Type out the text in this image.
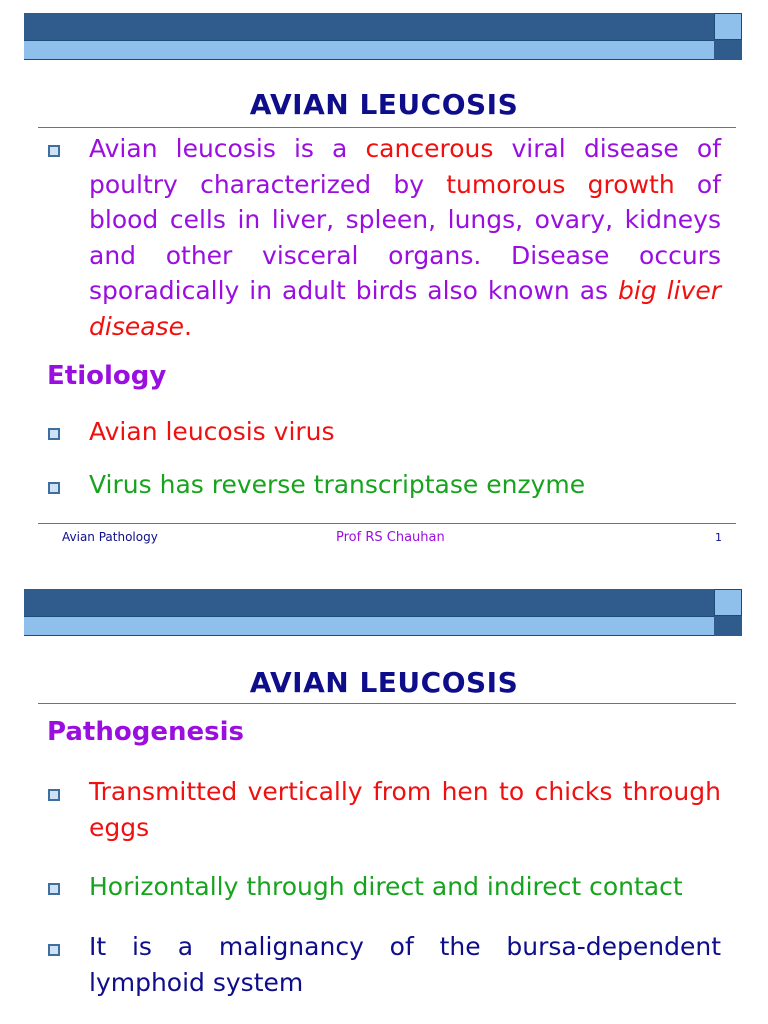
AVIAN LEUCOSIS
Avian leucosis is a cancerous viral disease of poultry characterized by tumorous growth of blood cells in liver, spleen, lungs, ovary, kidneys and other visceral organs. Disease occurs sporadically in adult birds also known as big liver disease.
Etiology
Avian leucosis virus
Virus has reverse transcriptase enzyme
Avian Pathology	Prof RS Chauhan	1
AVIAN LEUCOSIS
Pathogenesis
Transmitted vertically from hen to chicks through eggs
Horizontally through direct and indirect contact
It is a malignancy of the bursa-dependent lymphoid system
